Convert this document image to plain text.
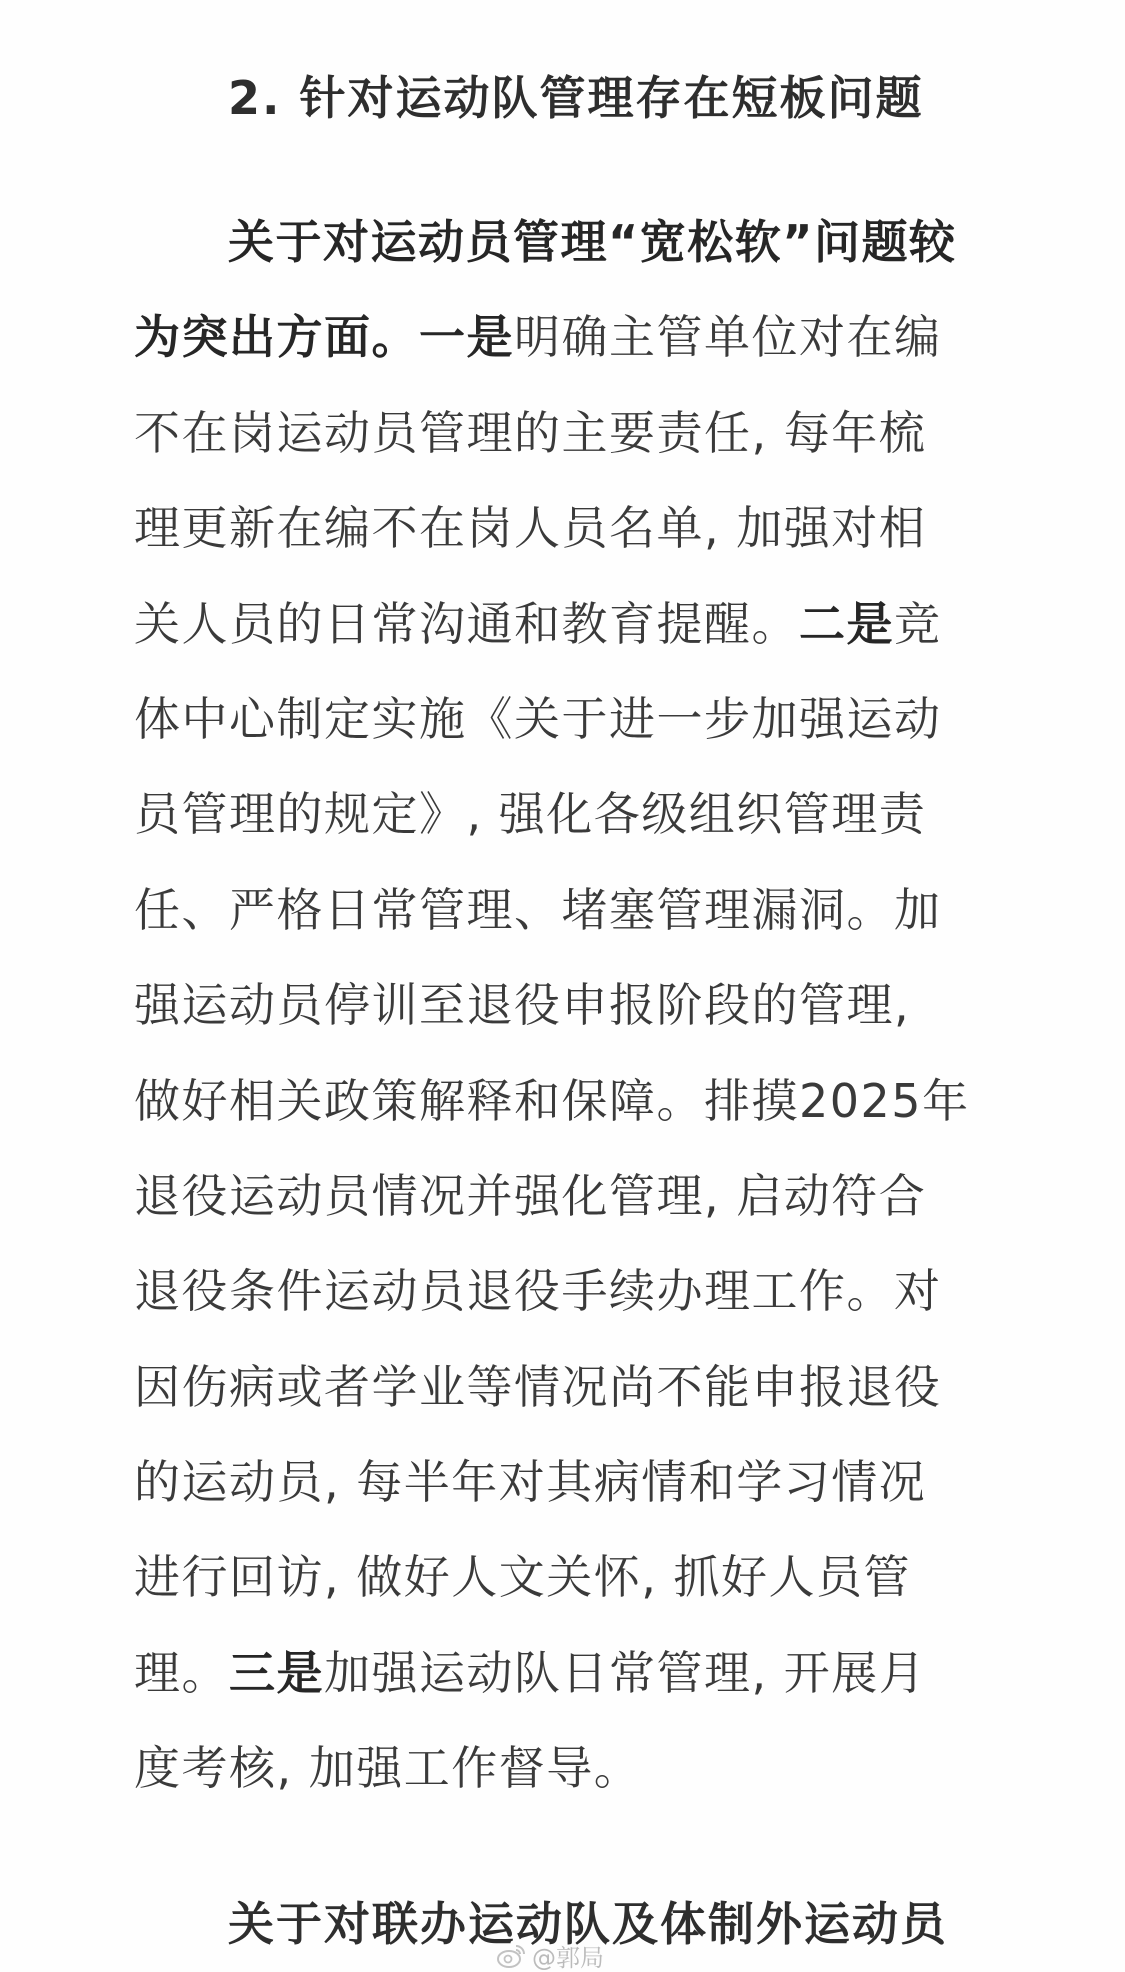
2. 针对运动队管理存在短板问题
关于对运动员管理“宽松软”问题较
为突出方面。一是明确主管单位对在编
不在岗运动员管理的主要责任, 每年梳
理更新在编不在岗人员名单, 加强对相
关人员的日常沟通和教育提醒。二是竞
体中心制定实施《关于进一步加强运动
员管理的规定》, 强化各级组织管理责
任、严格日常管理、堵塞管理漏洞。加
强运动员停训至退役申报阶段的管理,
做好相关政策解释和保障。排摸2025年
退役运动员情况并强化管理, 启动符合
退役条件运动员退役手续办理工作。对
因伤病或者学业等情况尚不能申报退役
的运动员, 每半年对其病情和学习情况
进行回访, 做好人文关怀, 抓好人员管
理。三是加强运动队日常管理, 开展月
度考核, 加强工作督导。
关于对联办运动队及体制外运动员
@郭局
